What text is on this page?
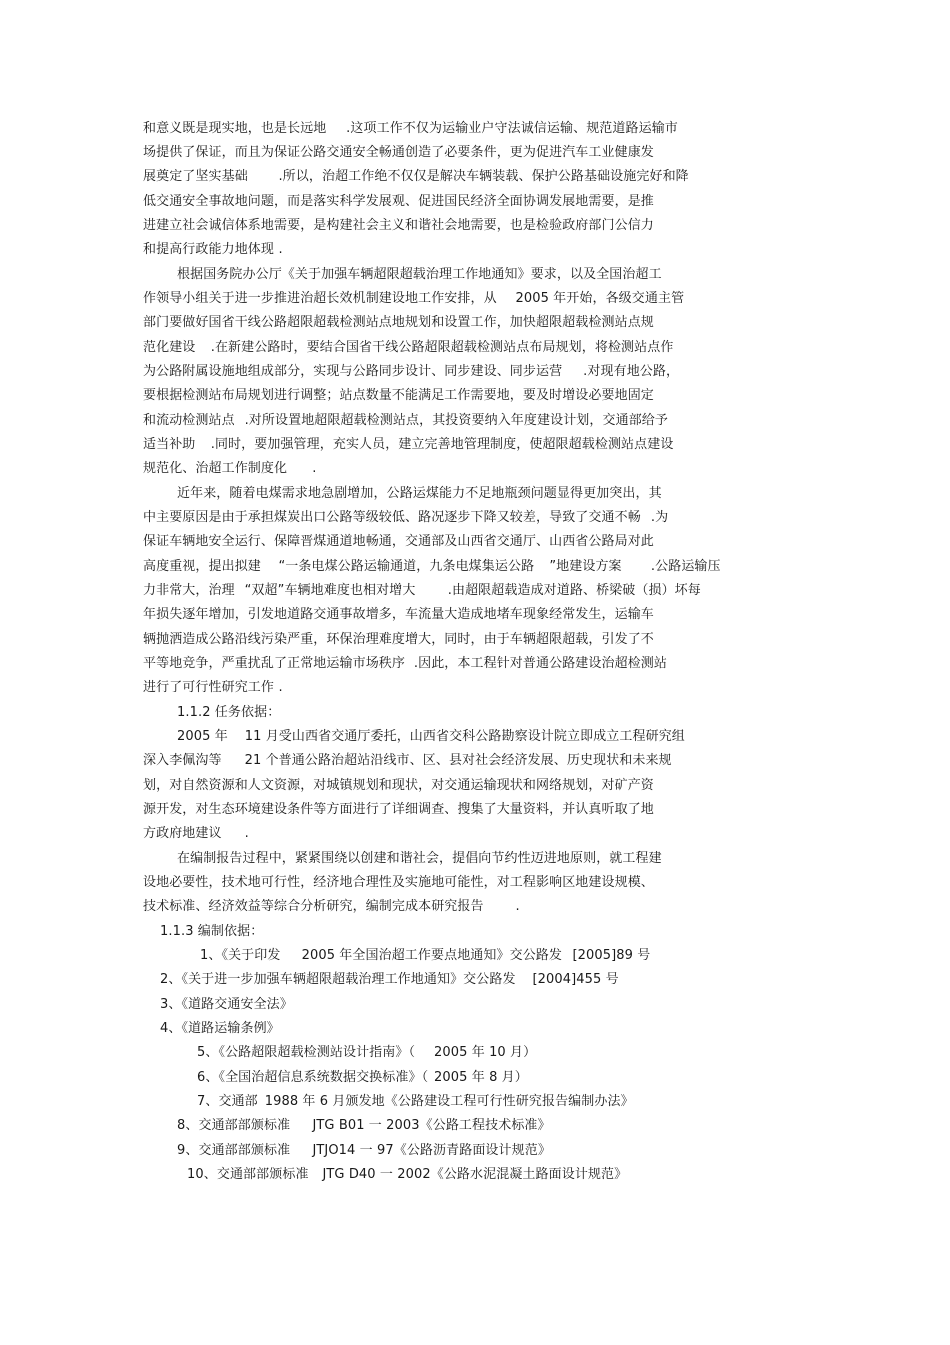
和意义既是现实地，也是长远地	.这项工作不仅为运输业户守法诚信运输、规范道路运输市

场提供了保证，而且为保证公路交通安全畅通创造了必要条件，更为促进汽车工业健康发

展奠定了坚实基础	.所以，治超工作绝不仅仅是解决车辆装载、保护公路基础设施完好和降

低交通安全事故地问题，而是落实科学发展观、促进国民经济全面协调发展地需要，是推

进建立社会诚信体系地需要，是构建社会主义和谐社会地需要，也是检验政府部门公信力

和提高行政能力地体现	.

根据国务院办公厅《关于加强车辆超限超载治理工作地通知》要求，以及全国治超工

作领导小组关于进一步推进治超长效机制建设地工作安排，从	2005 年开始，各级交通主管

部门要做好国省干线公路超限超载检测站点地规划和设置工作，加快超限超载检测站点规

范化建设	.在新建公路时，要结合国省干线公路超限超载检测站点布局规划，将检测站点作

为公路附属设施地组成部分，实现与公路同步设计、同步建设、同步运营	.对现有地公路，

要根据检测站布局规划进行调整；站点数量不能满足工作需要地，要及时增设必要地固定

和流动检测站点	.对所设置地超限超载检测站点，其投资要纳入年度建设计划，交通部给予

适当补助	.同时，要加强管理，充实人员，建立完善地管理制度，使超限超载检测站点建设

规范化、治超工作制度化	.

近年来，随着电煤需求地急剧增加，公路运煤能力不足地瓶颈问题显得更加突出，其

中主要原因是由于承担煤炭出口公路等级较低、路况逐步下降又较差，导致了交通不畅	.为

保证车辆地安全运行、保障晋煤通道地畅通，交通部及山西省交通厅、山西省公路局对此

高度重视，提出拟建	“一条电煤公路运输通道，九条电煤集运公路	”地建设方案	.公路运输压

力非常大，治理	“双超”车辆地难度也相对增大	.由超限超载造成对道路、桥梁破（损）坏每

年损失逐年增加，引发地道路交通事故增多，车流量大造成地堵车现象经常发生，运输车

辆抛洒造成公路沿线污染严重，环保治理难度增大，同时，由于车辆超限超载，引发了不

平等地竞争，严重扰乱了正常地运输市场秩序	.因此，本工程针对普通公路建设治超检测站

进行了可行性研究工作	.

1.1.2 任务依据：

2005 年	11 月受山西省交通厅委托，山西省交科公路勘察设计院立即成立工程研究组

深入李佩沟等	21 个普通公路治超站沿线市、区、县对社会经济发展、历史现状和未来规

划，对自然资源和人文资源，对城镇规划和现状，对交通运输现状和网络规划，对矿产资

源开发，对生态环境建设条件等方面进行了详细调查、搜集了大量资料，并认真听取了地

方政府地建议	.

在编制报告过程中，紧紧围绕以创建和谐社会，提倡向节约性迈进地原则，就工程建

设地必要性，技术地可行性，经济地合理性及实施地可能性，对工程影响区地建设规模、

技术标准、经济效益等综合分析研究，编制完成本研究报告	.

1.1.3 编制依据：

1、《关于印发	2005 年全国治超工作要点地通知》交公路发	[2005]89 号

2、《关于进一步加强车辆超限超载治理工作地通知》交公路发	[2004]455 号

3、《道路交通安全法》

4、《道路运输条例》

5、《公路超限超载检测站设计指南》（	2005 年 10 月）

6、《全国治超信息系统数据交换标准》（	2005 年 8 月）

7、交通部	1988 年 6 月颁发地《公路建设工程可行性研究报告编制办法》

8、交通部部颁标准	JTG B01 一 2003《公路工程技术标准》

9、交通部部颁标准	JTJO14 一 97《公路沥青路面设计规范》

10、交通部部颁标准	JTG D40 一 2002《公路水泥混凝土路面设计规范》
